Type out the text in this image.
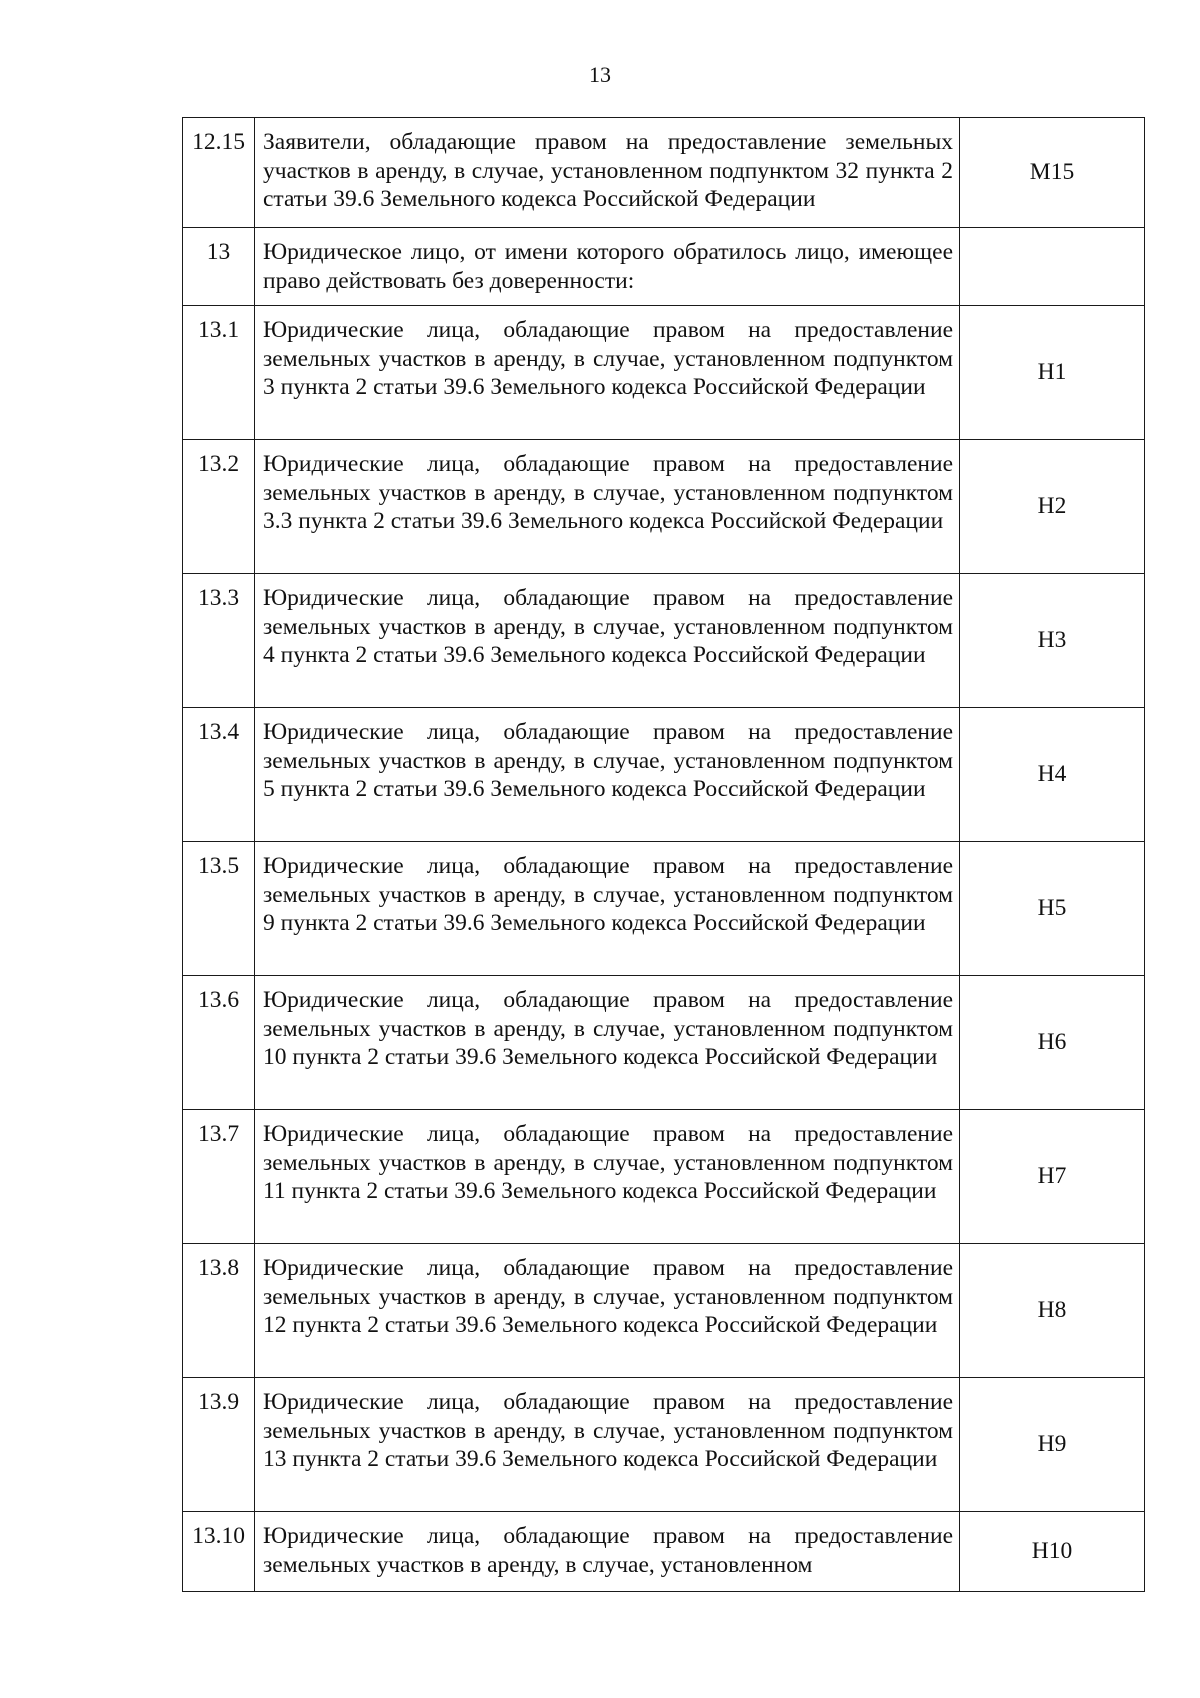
13
12.15	Заявители, обладающие правом на предоставление земельных участков в аренду, в случае, установленном подпунктом 32 пункта 2 статьи 39.6 Земельного кодекса Российской Федерации	М15
13	Юридическое лицо, от имени которого обратилось лицо, имеющее право действовать без доверенности:	
13.1	Юридические лица, обладающие правом на предоставление земельных участков в аренду, в случае, установленном подпунктом 3 пункта 2 статьи 39.6 Земельного кодекса Российской Федерации	Н1
13.2	Юридические лица, обладающие правом на предоставление земельных участков в аренду, в случае, установленном подпунктом 3.3 пункта 2 статьи 39.6 Земельного кодекса Российской Федерации	Н2
13.3	Юридические лица, обладающие правом на предоставление земельных участков в аренду, в случае, установленном подпунктом 4 пункта 2 статьи 39.6 Земельного кодекса Российской Федерации	Н3
13.4	Юридические лица, обладающие правом на предоставление земельных участков в аренду, в случае, установленном подпунктом 5 пункта 2 статьи 39.6 Земельного кодекса Российской Федерации	Н4
13.5	Юридические лица, обладающие правом на предоставление земельных участков в аренду, в случае, установленном подпунктом 9 пункта 2 статьи 39.6 Земельного кодекса Российской Федерации	Н5
13.6	Юридические лица, обладающие правом на предоставление земельных участков в аренду, в случае, установленном подпунктом 10 пункта 2 статьи 39.6 Земельного кодекса Российской Федерации	Н6
13.7	Юридические лица, обладающие правом на предоставление земельных участков в аренду, в случае, установленном подпунктом 11 пункта 2 статьи 39.6 Земельного кодекса Российской Федерации	Н7
13.8	Юридические лица, обладающие правом на предоставление земельных участков в аренду, в случае, установленном подпунктом 12 пункта 2 статьи 39.6 Земельного кодекса Российской Федерации	Н8
13.9	Юридические лица, обладающие правом на предоставление земельных участков в аренду, в случае, установленном подпунктом 13 пункта 2 статьи 39.6 Земельного кодекса Российской Федерации	Н9
13.10	Юридические лица, обладающие правом на предоставление земельных участков в аренду, в случае, установленном	Н10
